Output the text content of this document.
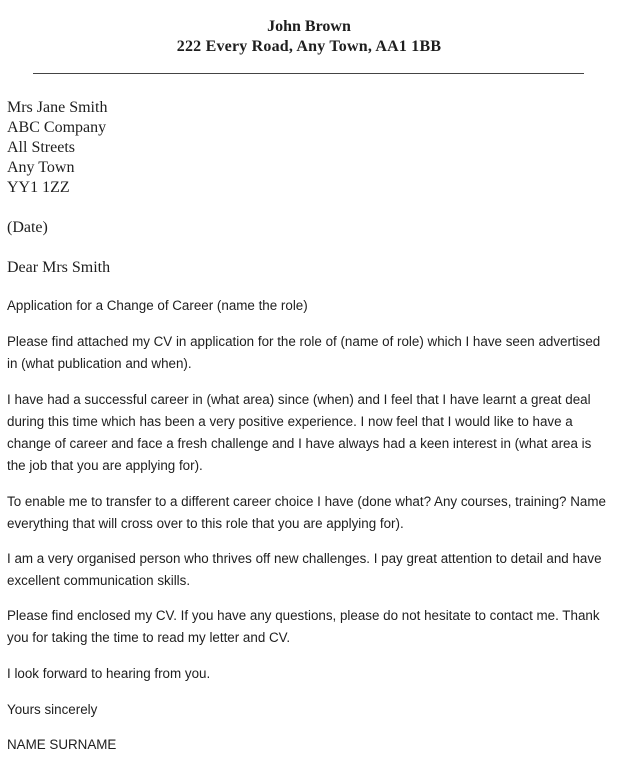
John Brown
222 Every Road, Any Town, AA1 1BB
Mrs Jane Smith
ABC Company
All Streets
Any Town
YY1 1ZZ
(Date)
Dear Mrs Smith

Application for a Change of Career (name the role)

Please find attached my CV in application for the role of (name of role) which I have seen advertised in (what publication and when).

I have had a successful career in (what area) since (when) and I feel that I have learnt a great deal during this time which has been a very positive experience. I now feel that I would like to have a change of career and face a fresh challenge and I have always had a keen interest in (what area is the job that you are applying for).

To enable me to transfer to a different career choice I have (done what? Any courses, training? Name everything that will cross over to this role that you are applying for).

I am a very organised person who thrives off new challenges. I pay great attention to detail and have excellent communication skills.

Please find enclosed my CV. If you have any questions, please do not hesitate to contact me. Thank you for taking the time to read my letter and CV.

I look forward to hearing from you.

Yours sincerely

NAME SURNAME
